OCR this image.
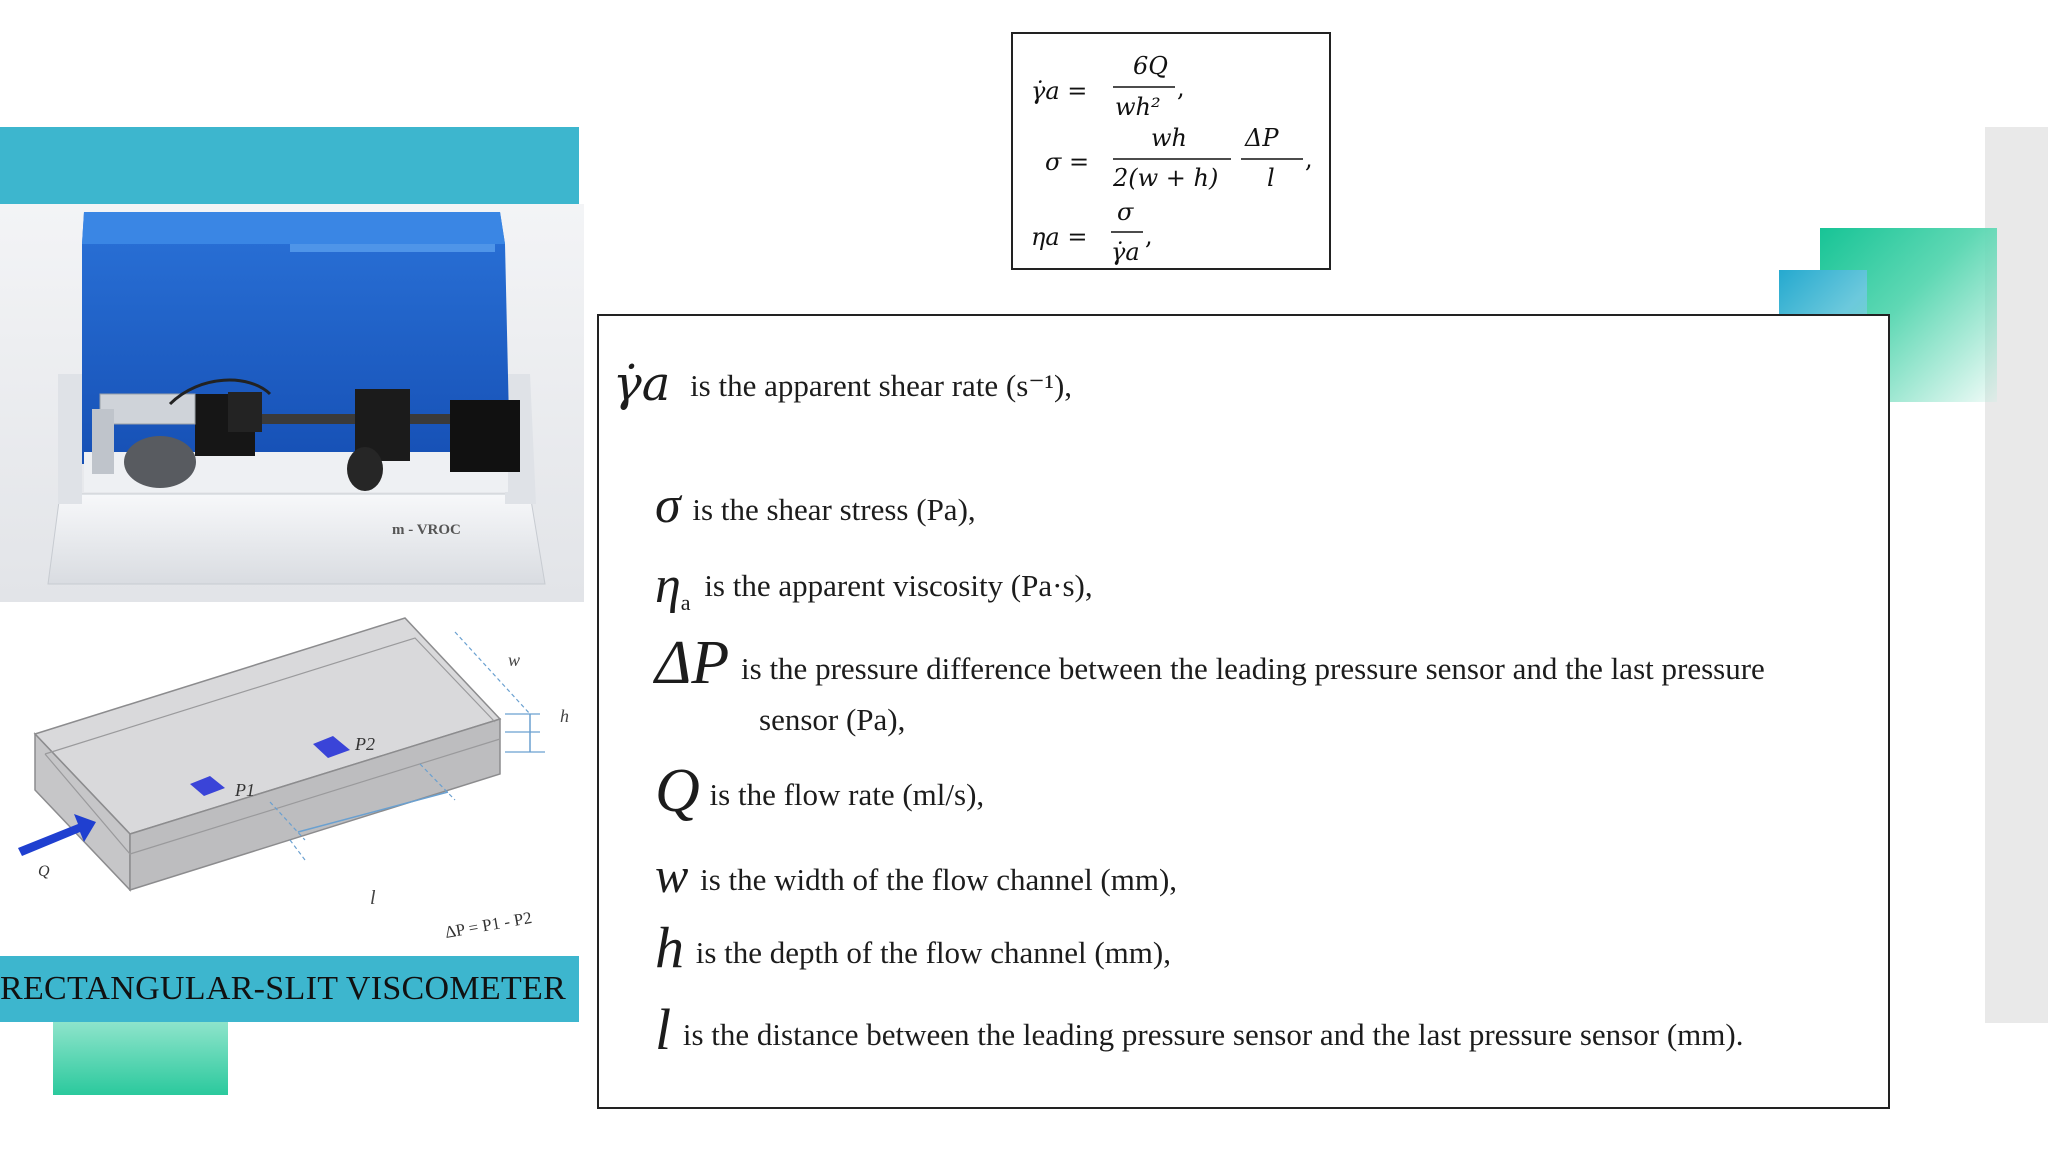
m - VROC
P1
P2
w
h
l
Q
ΔP = P1 - P2
RECTANGULAR-SLIT VISCOMETER
γ̇a =
6Q
wh²
,
σ =
wh
2(w + h)
ΔP
l
,
ηa =
σ
γ̇a
,
γ̇a is the apparent shear rate (s⁻¹),
σ is the shear stress (Pa),
$\eta_a$ is the apparent viscosity (Pa·s),
ΔP is the pressure difference between the leading pressure sensor and the last pressure
sensor (Pa),
Q is the flow rate (ml/s),
w is the width of the flow channel (mm),
h is the depth of the flow channel (mm),
l is the distance between the leading pressure sensor and the last pressure sensor (mm).
